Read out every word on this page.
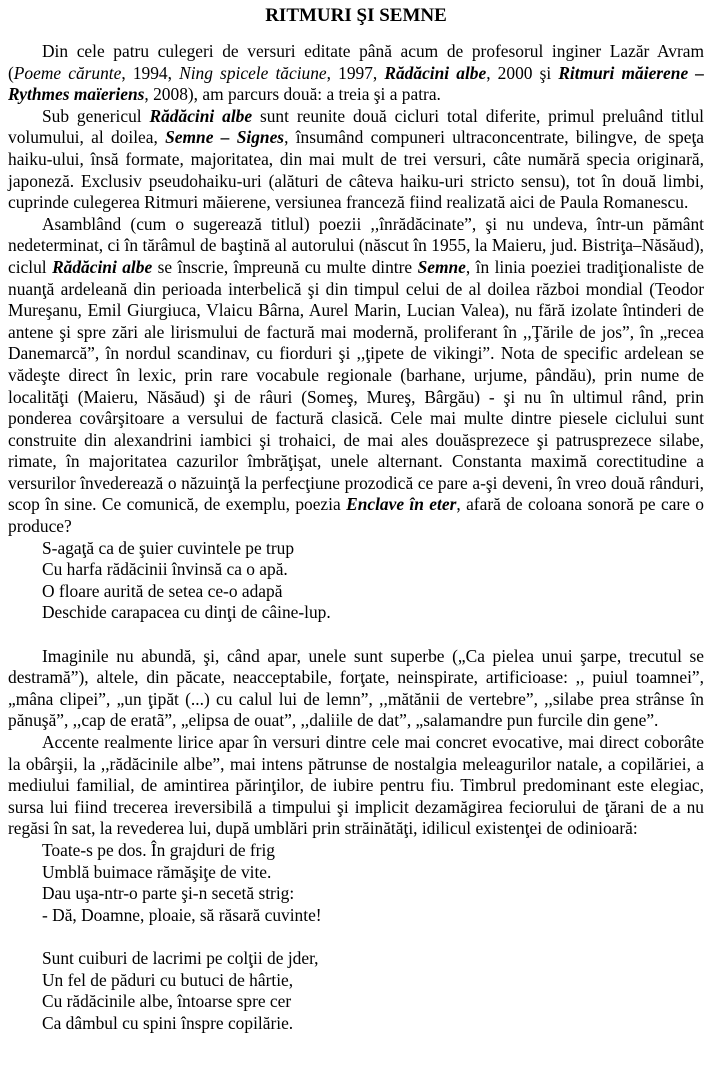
RITMURI ŞI SEMNE

Din cele patru culegeri de versuri editate până acum de profesorul inginer Lazăr Avram (Poeme cărunte, 1994, Ning spicele tăciune, 1997, Rădăcini albe, 2000 şi Ritmuri măierene – Rythmes maïeriens, 2008), am parcurs două: a treia şi a patra.

Sub genericul Rădăcini albe sunt reunite două cicluri total diferite, primul preluând titlul volumului, al doilea, Semne – Signes, însumând compuneri ultraconcentrate, bilingve, de speţa haiku-ului, însă formate, majoritatea, din mai mult de trei versuri, câte numără specia originară, japoneză. Exclusiv pseudohaiku-uri (alături de câteva haiku-uri stricto sensu), tot în două limbi, cuprinde culegerea Ritmuri măierene, versiunea franceză fiind realizată aici de Paula Romanescu.

Asamblând (cum o sugerează titlul) poezii ,,înrădăcinate”, şi nu undeva, într-un pământ nedeterminat, ci în tărâmul de baştină al autorului (născut în 1955, la Maieru, jud. Bistriţa–Năsăud), ciclul Rădăcini albe se înscrie, împreună cu multe dintre Semne, în linia poeziei tradiţionaliste de nuanţă ardeleană din perioada interbelică şi din timpul celui de al doilea război mondial (Teodor Mureşanu, Emil Giurgiuca, Vlaicu Bârna, Aurel Marin, Lucian Valea), nu fără izolate întinderi de antene şi spre zări ale lirismului de factură mai modernă, proliferant în ,,Ţările de jos”, în „recea Danemarcă”, în nordul scandinav, cu fiorduri şi ,,ţipete de vikingi”. Nota de specific ardelean se vădeşte direct în lexic, prin rare vocabule regionale (barhane, urjume, pândău), prin nume de localităţi (Maieru, Năsăud) şi de râuri (Someş, Mureş, Bârgău) - şi nu în ultimul rând, prin ponderea covârşitoare a versului de factură clasică. Cele mai multe dintre piesele ciclului sunt construite din alexandrini iambici şi trohaici, de mai ales douăsprezece şi patrusprezece silabe, rimate, în majoritatea cazurilor îmbrăţişat, unele alternant. Constanta maximă corectitudine a versurilor învederează o năzuinţă la perfecţiune prozodică ce pare a-şi deveni, în vreo două rânduri, scop în sine. Ce comunică, de exemplu, poezia Enclave în eter, afară de coloana sonoră pe care o produce?

S-agaţă ca de şuier cuvintele pe trup
Cu harfa rădăcinii învinsă ca o apă.
O floare aurită de setea ce-o adapă
Deschide carapacea cu dinţi de câine-lup.

Imaginile nu abundă, şi, când apar, unele sunt superbe („Ca pielea unui şarpe, trecutul se destramă”), altele, din păcate, neacceptabile, forţate, neinspirate, artificioase: ,, puiul toamnei”, „mâna clipei”, „un ţipăt (...) cu calul lui de lemn”, ,,mătănii de vertebre”, ,,silabe prea strânse în pănuşă”, ,,cap de eratã”, „elipsa de ouat”, ,,daliile de dat”, „salamandre pun furcile din gene”.

Accente realmente lirice apar în versuri dintre cele mai concret evocative, mai direct coborâte la obârşii, la ,,rădăcinile albe”, mai intens pătrunse de nostalgia meleagurilor natale, a copilăriei, a mediului familial, de amintirea părinţilor, de iubire pentru fiu. Timbrul predominant este elegiac, sursa lui fiind trecerea ireversibilă a timpului şi implicit dezamăgirea feciorului de ţărani de a nu regăsi în sat, la revederea lui, după umblări prin străinătăţi, idilicul existenţei de odinioară:

Toate-s pe dos. În grajduri de frig
Umblă buimace rămăşiţe de vite.
Dau uşa-ntr-o parte şi-n secetă strig:
- Dă, Doamne, ploaie, să răsară cuvinte!
Sunt cuiburi de lacrimi pe colţii de jder,
Un fel de păduri cu butuci de hârtie,
Cu rădăcinile albe, întoarse spre cer
Ca dâmbul cu spini înspre copilărie.
